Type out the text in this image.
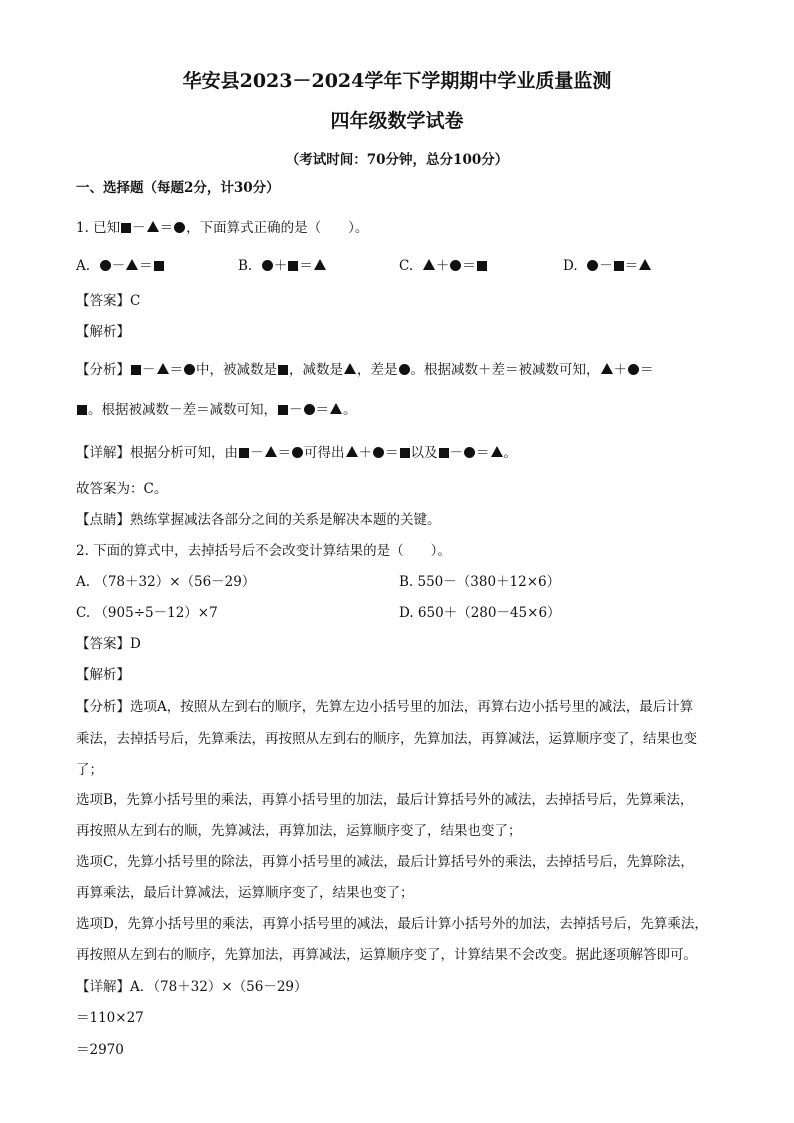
华安县2023－2024学年下学期期中学业质量监测
四年级数学试卷
（考试时间：70分钟，总分100分）
一、选择题（每题2分，计30分）
1. 已知 － ＝ ，下面算式正确的是（　　）。
A. － ＝	B. ＋ ＝	C. ＋ ＝	D. － ＝
【答案】C
【解析】
【分析】 － ＝ 中，被减数是 ，减数是 ，差是 。根据减数＋差＝被减数可知， ＋ ＝
。根据被减数－差＝减数可知， － ＝ 。
【详解】根据分析可知，由 － ＝ 可得出 ＋ ＝ 以及 － ＝ 。
故答案为：C。
【点睛】熟练掌握减法各部分之间的关系是解决本题的关键。
2. 下面的算式中，去掉括号后不会改变计算结果的是（　　）。
A. （78＋32）×（56－29）	B. 550－（380＋12×6）
C. （905÷5－12）×7	D. 650＋（280－45×6）
【答案】D
【解析】
【分析】选项A，按照从左到右的顺序，先算左边小括号里的加法，再算右边小括号里的减法，最后计算
乘法，去掉括号后，先算乘法，再按照从左到右的顺序，先算加法，再算减法，运算顺序变了，结果也变
了；
选项B，先算小括号里的乘法，再算小括号里的加法，最后计算括号外的减法，去掉括号后，先算乘法，
再按照从左到右的顺，先算减法，再算加法，运算顺序变了，结果也变了；
选项C，先算小括号里的除法，再算小括号里的减法，最后计算括号外的乘法，去掉括号后，先算除法，
再算乘法，最后计算减法，运算顺序变了，结果也变了；
选项D，先算小括号里的乘法，再算小括号里的减法，最后计算小括号外的加法，去掉括号后，先算乘法，
再按照从左到右的顺序，先算加法，再算减法，运算顺序变了，计算结果不会改变。据此逐项解答即可。
【详解】A．（78＋32）×（56－29）
＝110×27
＝2970
